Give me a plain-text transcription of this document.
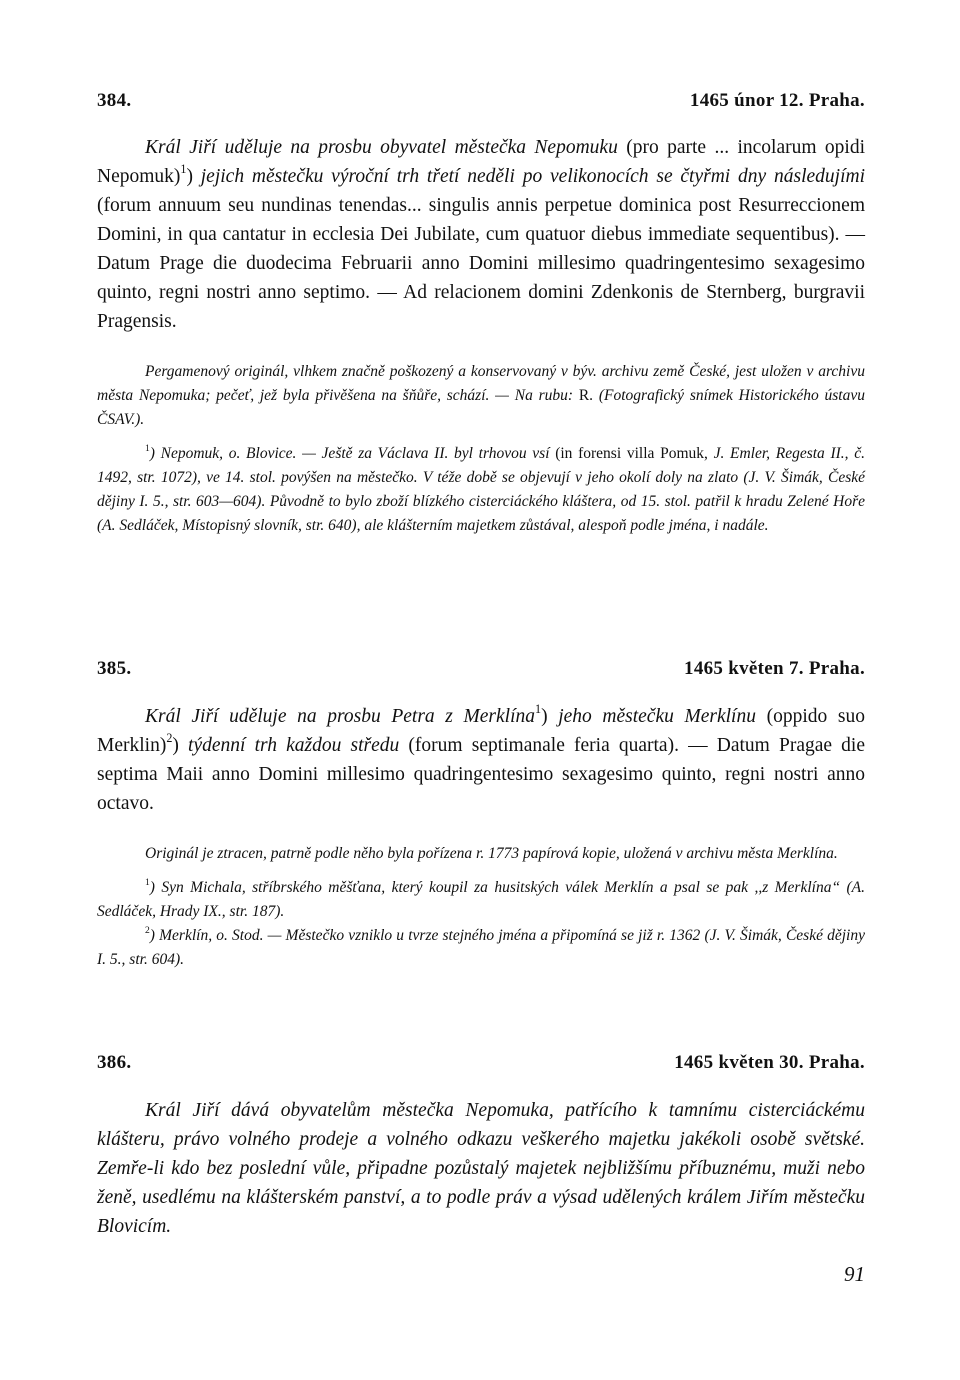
384.	1465 únor 12. Praha.

Král Jiří uděluje na prosbu obyvatel městečka Nepomuku (pro parte ... incolarum opidi Nepomuk)$^1$) jejich městečku výroční trh třetí neděli po velikonocích se čtyřmi dny následujími (forum annuum seu nundinas tenendas... singulis annis perpetue dominica post Resurreccionem Domini, in qua cantatur in ecclesia Dei Jubilate, cum quatuor diebus immediate sequentibus). — Datum Prage die duodecima Februarii anno Domini millesimo quadringentesimo sexagesimo quinto, regni nostri anno septimo. — Ad relacionem domini Zdenkonis de Sternberg, burgravii Pragensis.

Pergamenový originál, vlhkem značně poškozený a konservovaný v býv. archivu země České, jest uložen v archivu města Nepomuka; pečeť, jež byla přivěšena na šňůře, schází. — Na rubu: R. (Fotografický snímek Historického ústavu ČSAV.).

$^1$) Nepomuk, o. Blovice. — Ještě za Václava II. byl trhovou vsí (in forensi villa Pomuk, J. Emler, Regesta II., č. 1492, str. 1072), ve 14. stol. povýšen na městečko. V téže době se objevují v jeho okolí doly na zlato (J. V. Šimák, České dějiny I. 5., str. 603—604). Původně to bylo zboží blízkého cisterciáckého kláštera, od 15. stol. patřil k hradu Zelené Hoře (A. Sedláček, Místopisný slovník, str. 640), ale klášterním majetkem zůstával, alespoň podle jména, i nadále.

385.	1465 květen 7. Praha.

Král Jiří uděluje na prosbu Petra z Merklína$^1$) jeho městečku Merklínu (oppido suo Merklin)$^2$) týdenní trh každou středu (forum septimanale feria quarta). — Datum Pragae die septima Maii anno Domini millesimo quadringentesimo sexagesimo quinto, regni nostri anno octavo.

Originál je ztracen, patrně podle něho byla pořízena r. 1773 papírová kopie, uložená v archivu města Merklína.

$^1$) Syn Michala, stříbrského měšťana, který koupil za husitských válek Merklín a psal se pak ,,z Merklína“ (A. Sedláček, Hrady IX., str. 187).

$^2$) Merklín, o. Stod. — Městečko vzniklo u tvrze stejného jména a připomíná se již r. 1362 (J. V. Šimák, České dějiny I. 5., str. 604).

386.	1465 květen 30. Praha.

Král Jiří dává obyvatelům městečka Nepomuka, patřícího k tamnímu cisterciáckému klášteru, právo volného prodeje a volného odkazu veškerého majetku jakékoli osobě světské. Zemře-li kdo bez poslední vůle, připadne pozůstalý majetek nejbližšímu příbuznému, muži nebo ženě, usedlému na klášterském panství, a to podle práv a výsad udělených králem Jiřím městečku Blovicím.

91
